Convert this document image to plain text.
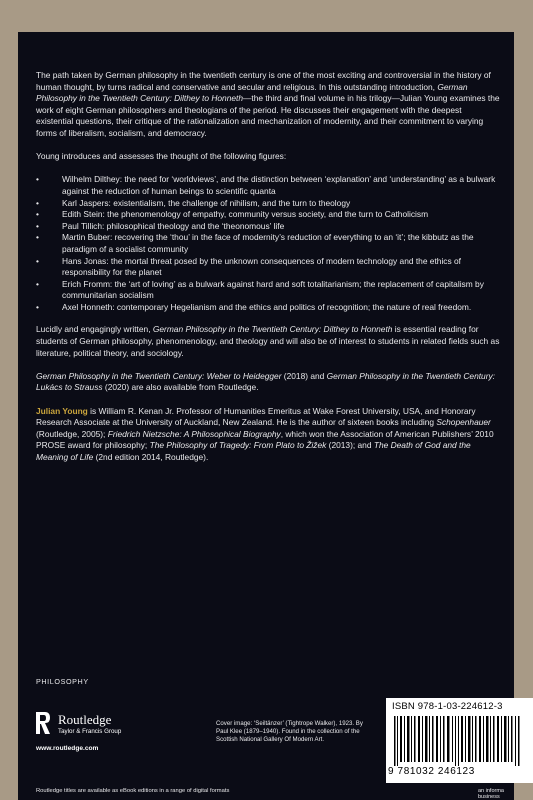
The path taken by German philosophy in the twentieth century is one of the most exciting and controversial in the history of human thought, by turns radical and conservative and secular and religious. In this outstanding introduction, German Philosophy in the Twentieth Century: Dilthey to Honneth—the third and final volume in his trilogy—Julian Young examines the work of eight German philosophers and theologians of the period. He discusses their engagement with the deepest existential questions, their critique of the rationalization and mechanization of modernity, and their commitment to varying forms of liberalism, socialism, and democracy.

Young introduces and assesses the thought of the following figures:

•	Wilhelm Dilthey: the need for ‘worldviews’, and the distinction between ‘explanation’ and ‘understanding’ as a bulwark against the reduction of human beings to scientific quanta
•	Karl Jaspers: existentialism, the challenge of nihilism, and the turn to theology
•	Edith Stein: the phenomenology of empathy, community versus society, and the turn to Catholicism
•	Paul Tillich: philosophical theology and the ‘theonomous’ life
•	Martin Buber: recovering the ‘thou’ in the face of modernity’s reduction of everything to an ‘it’; the kibbutz as the paradigm of a socialist community
•	Hans Jonas: the mortal threat posed by the unknown consequences of modern technology and the ethics of responsibility for the planet
•	Erich Fromm: the ‘art of loving’ as a bulwark against hard and soft totalitarianism; the replacement of capitalism by communitarian socialism
•	Axel Honneth: contemporary Hegelianism and the ethics and politics of recognition; the nature of real freedom.

Lucidly and engagingly written, German Philosophy in the Twentieth Century: Dilthey to Honneth is essential reading for students of German philosophy, phenomenology, and theology and will also be of interest to students in related fields such as literature, political theory, and sociology.

German Philosophy in the Twentieth Century: Weber to Heidegger (2018) and German Philosophy in the Twentieth Century: Lukács to Strauss (2020) are also available from Routledge.

Julian Young is William R. Kenan Jr. Professor of Humanities Emeritus at Wake Forest University, USA, and Honorary Research Associate at the University of Auckland, New Zealand. He is the author of sixteen books including Schopenhauer (Routledge, 2005); Friedrich Nietzsche: A Philosophical Biography, which won the Association of American Publishers’ 2010 PROSE award for philosophy; The Philosophy of Tragedy: From Plato to Žižek (2013); and The Death of God and the Meaning of Life (2nd edition 2014, Routledge).

PHILOSOPHY
Routledge
Taylor & Francis Group
www.routledge.com
Cover image: ‘Seiltänzer’ (Tightrope Walker), 1923. By Paul Klee (1879–1940). Found in the collection of the Scottish National Gallery Of Modern Art.
Routledge titles are available as eBook editions in a range of digital formats
ISBN 978-1-03-224612-3
9 781032 246123
an informa business
